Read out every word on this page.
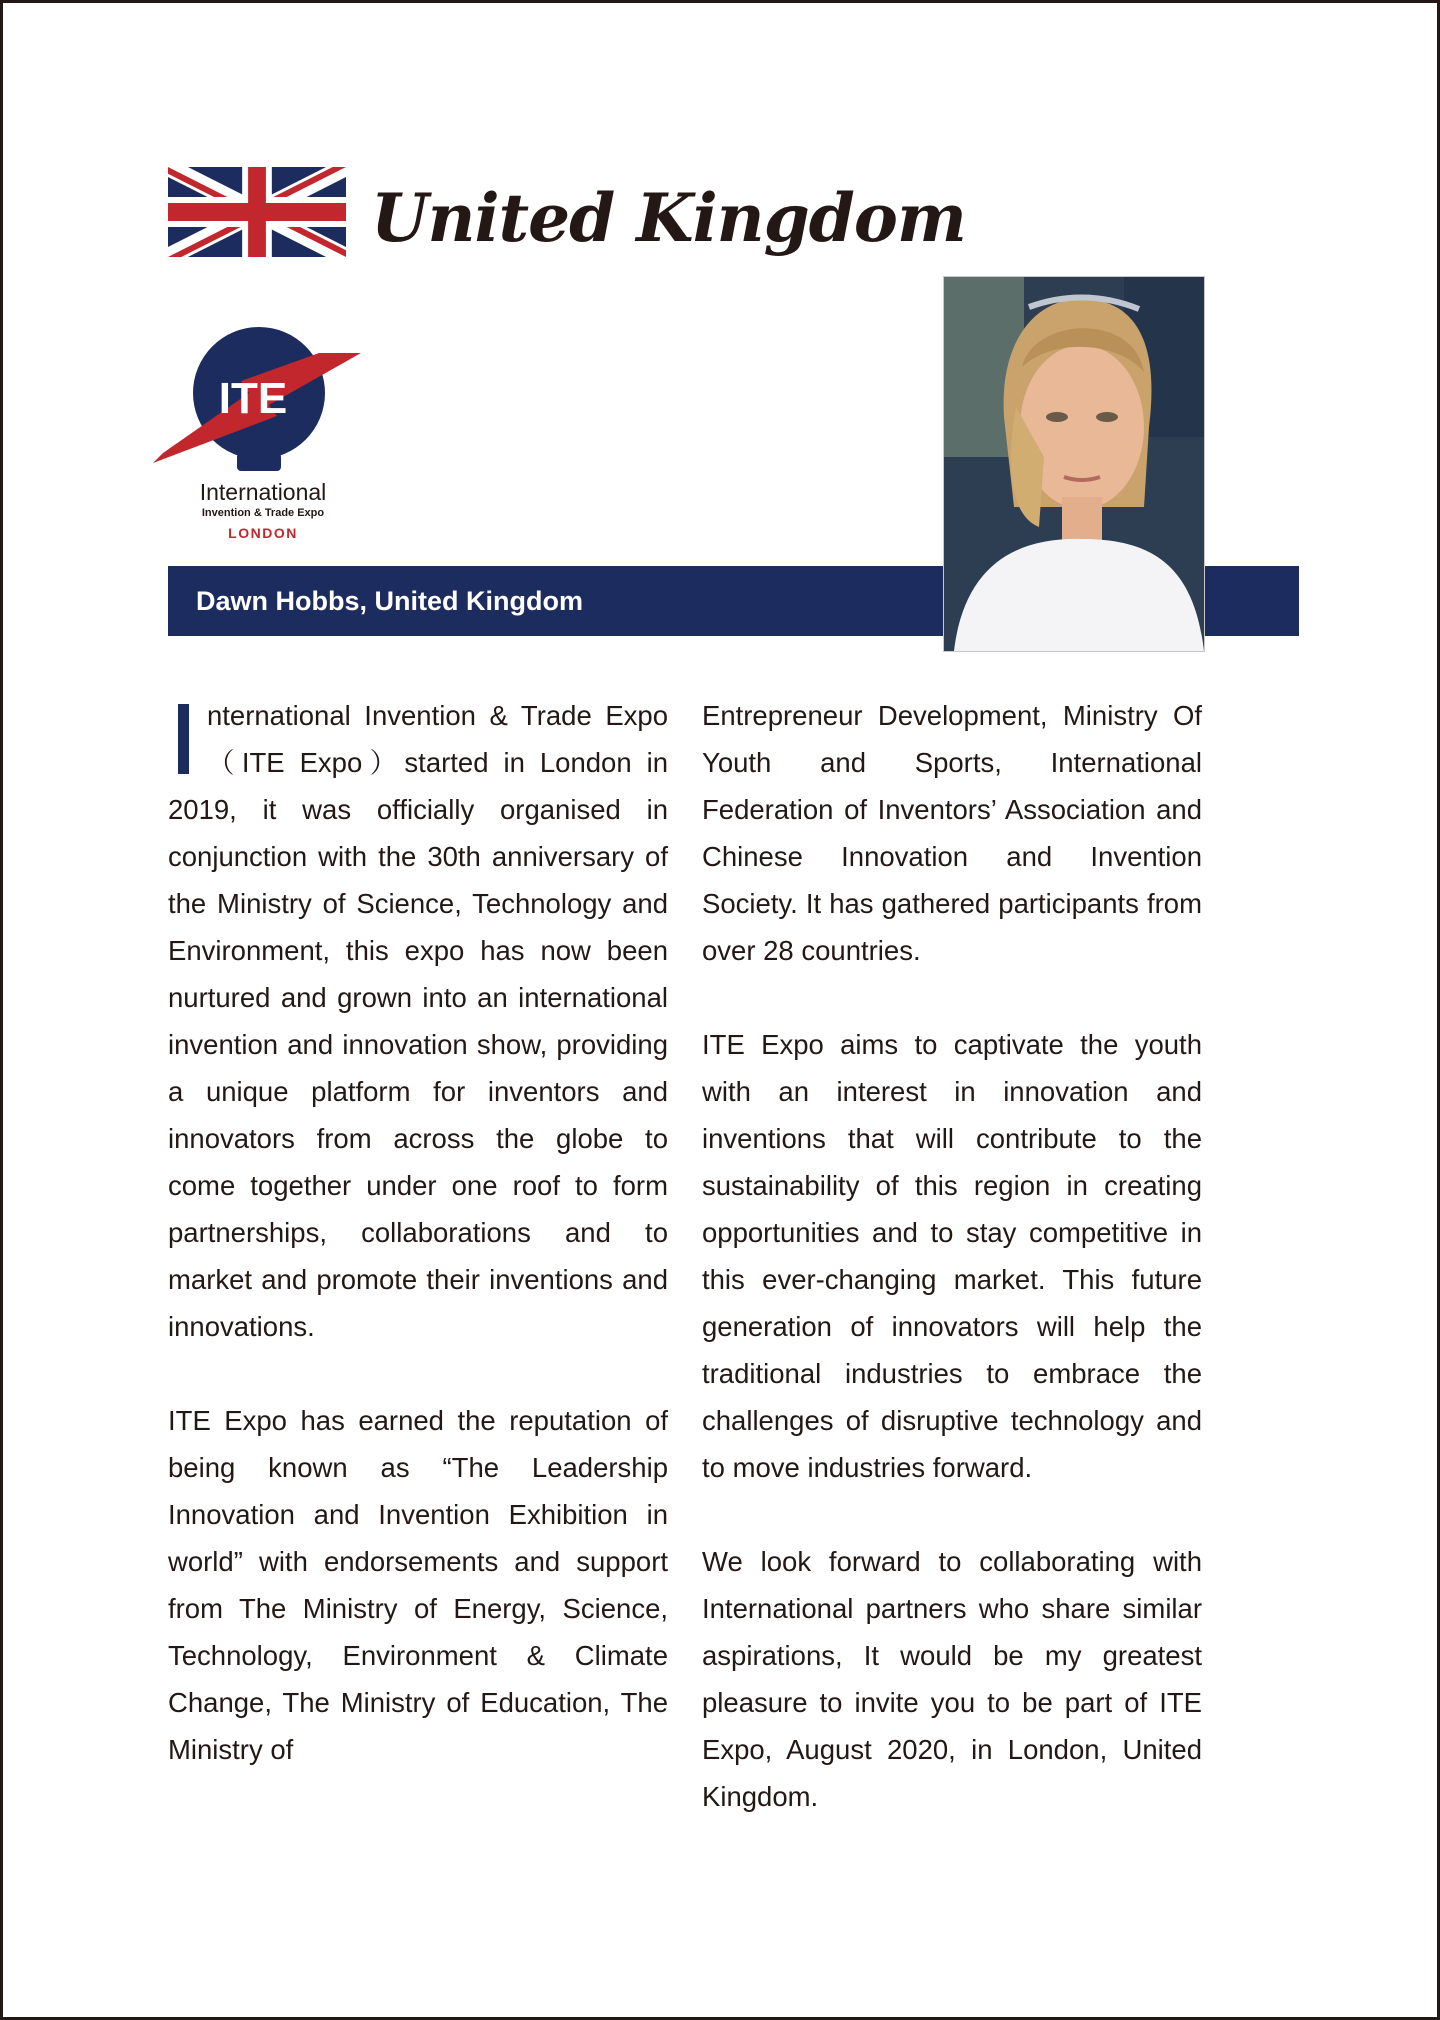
United Kingdom
ITE
International
Invention & Trade Expo
LONDON
Dawn Hobbs, United Kingdom

nternational Invention & Trade Expo（ITE Expo）started in London in 2019, it was officially organised in conjunction with the 30th anniversary of the Ministry of Science, Technology and Environment, this expo has now been nurtured and grown into an international invention and innovation show, providing a unique platform for inventors and innovators from across the globe to come together under one roof to form partnerships, collaborations and to market and promote their inventions and innovations.

ITE Expo has earned the reputation of being known as “The Leadership Innovation and Invention Exhibition in world” with endorsements and support from The Ministry of Energy, Science, Technology, Environment & Climate Change, The Ministry of Education, The Ministry of

Entrepreneur Development, Ministry Of Youth and Sports, International Federation of Inventors’ Association and Chinese Innovation and Invention Society. It has gathered participants from over 28 countries.

ITE Expo aims to captivate the youth with an interest in innovation and inventions that will contribute to the sustainability of this region in creating opportunities and to stay competitive in this ever-changing market. This future generation of innovators will help the traditional industries to embrace the challenges of disruptive technology and to move industries forward.

We look forward to collaborating with International partners who share similar aspirations, It would be my greatest pleasure to invite you to be part of ITE Expo, August 2020, in London, United Kingdom.
